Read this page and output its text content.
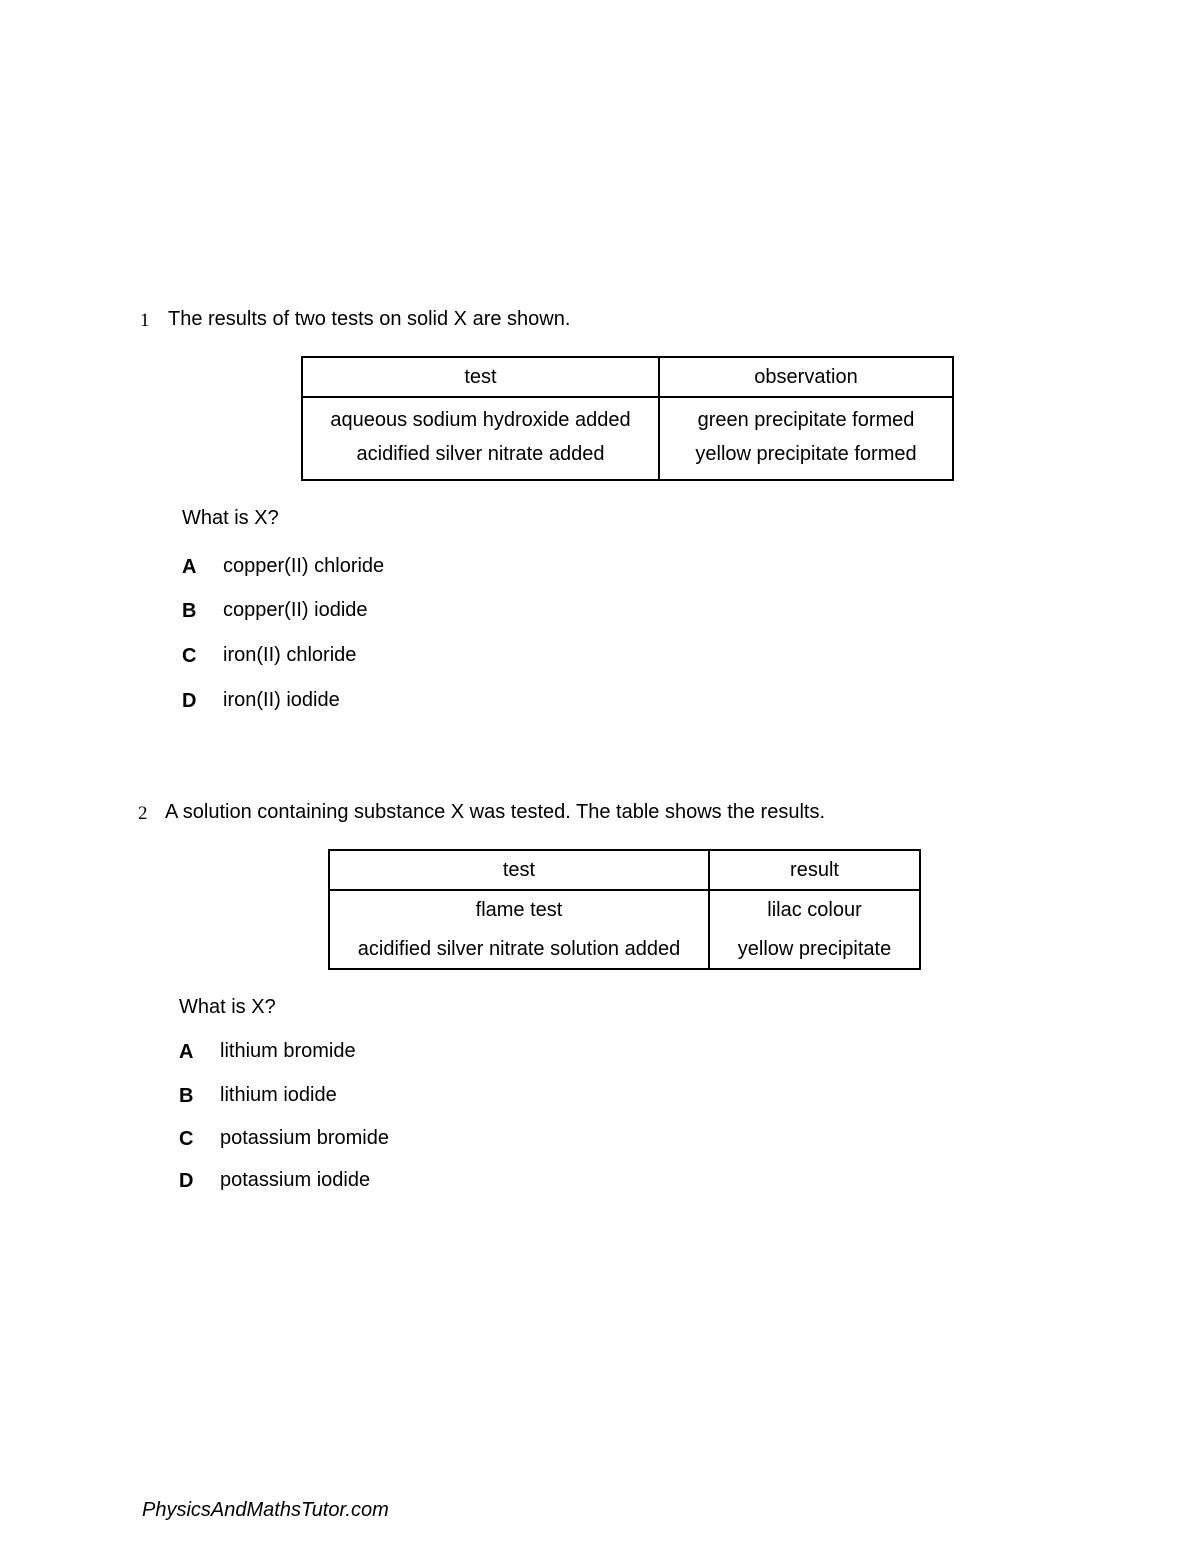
1 The results of two tests on solid X are shown.
test	observation
aqueous sodium hydroxide added	green precipitate formed
acidified silver nitrate added	yellow precipitate formed
What is X?
A copper(II) chloride
B copper(II) iodide
C iron(II) chloride
D iron(II) iodide
2 A solution containing substance X was tested. The table shows the results.
test	result
flame test	lilac colour
acidified silver nitrate solution added	yellow precipitate
What is X?
A lithium bromide
B lithium iodide
C potassium bromide
D potassium iodide
PhysicsAndMathsTutor.com
